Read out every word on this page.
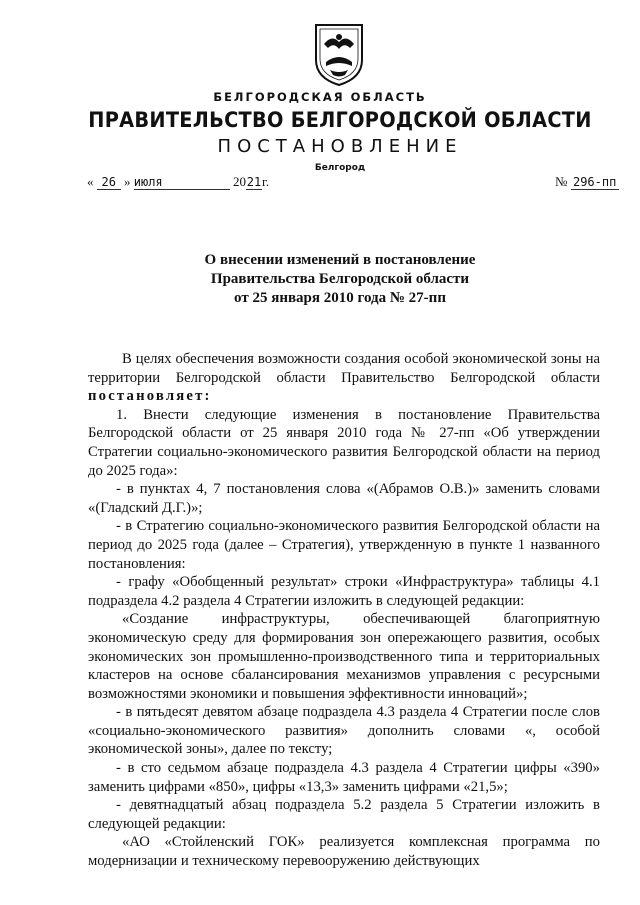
БЕЛГОРОДСКАЯ ОБЛАСТЬ
ПРАВИТЕЛЬСТВО БЕЛГОРОДСКОЙ ОБЛАСТИ
ПОСТАНОВЛЕНИЕ
Белгород
« 26 » июля	2021г.	№ 296-пп
О внесении изменений в постановление
Правительства Белгородской области
от 25 января 2010 года № 27-пп

В целях обеспечения возможности создания особой экономической зоны на территории Белгородской области Правительство Белгородской области постановляет:

1. Внести следующие изменения в постановление Правительства Белгородской области от 25 января 2010 года № 27-пп «Об утверждении Стратегии социально-экономического развития Белгородской области на период до 2025 года»:

- в пунктах 4, 7 постановления слова «(Абрамов О.В.)» заменить словами «(Гладский Д.Г.)»;

- в Стратегию социально-экономического развития Белгородской области на период до 2025 года (далее – Стратегия), утвержденную в пункте 1 названного постановления:

- графу «Обобщенный результат» строки «Инфраструктура» таблицы 4.1 подраздела 4.2 раздела 4 Стратегии изложить в следующей редакции:

«Создание инфраструктуры, обеспечивающей благоприятную экономическую среду для формирования зон опережающего развития, особых экономических зон промышленно-производственного типа и территориальных кластеров на основе сбалансирования механизмов управления с ресурсными возможностями экономики и повышения эффективности инноваций»;

- в пятьдесят девятом абзаце подраздела 4.3 раздела 4 Стратегии после слов «социально-экономического развития» дополнить словами «, особой экономической зоны», далее по тексту;

- в сто седьмом абзаце подраздела 4.3 раздела 4 Стратегии цифры «390» заменить цифрами «850», цифры «13,3» заменить цифрами «21,5»;

- девятнадцатый абзац подраздела 5.2 раздела 5 Стратегии изложить в следующей редакции:

«АО «Стойленский ГОК» реализуется комплексная программа по модернизации и техническому перевооружению действующих
